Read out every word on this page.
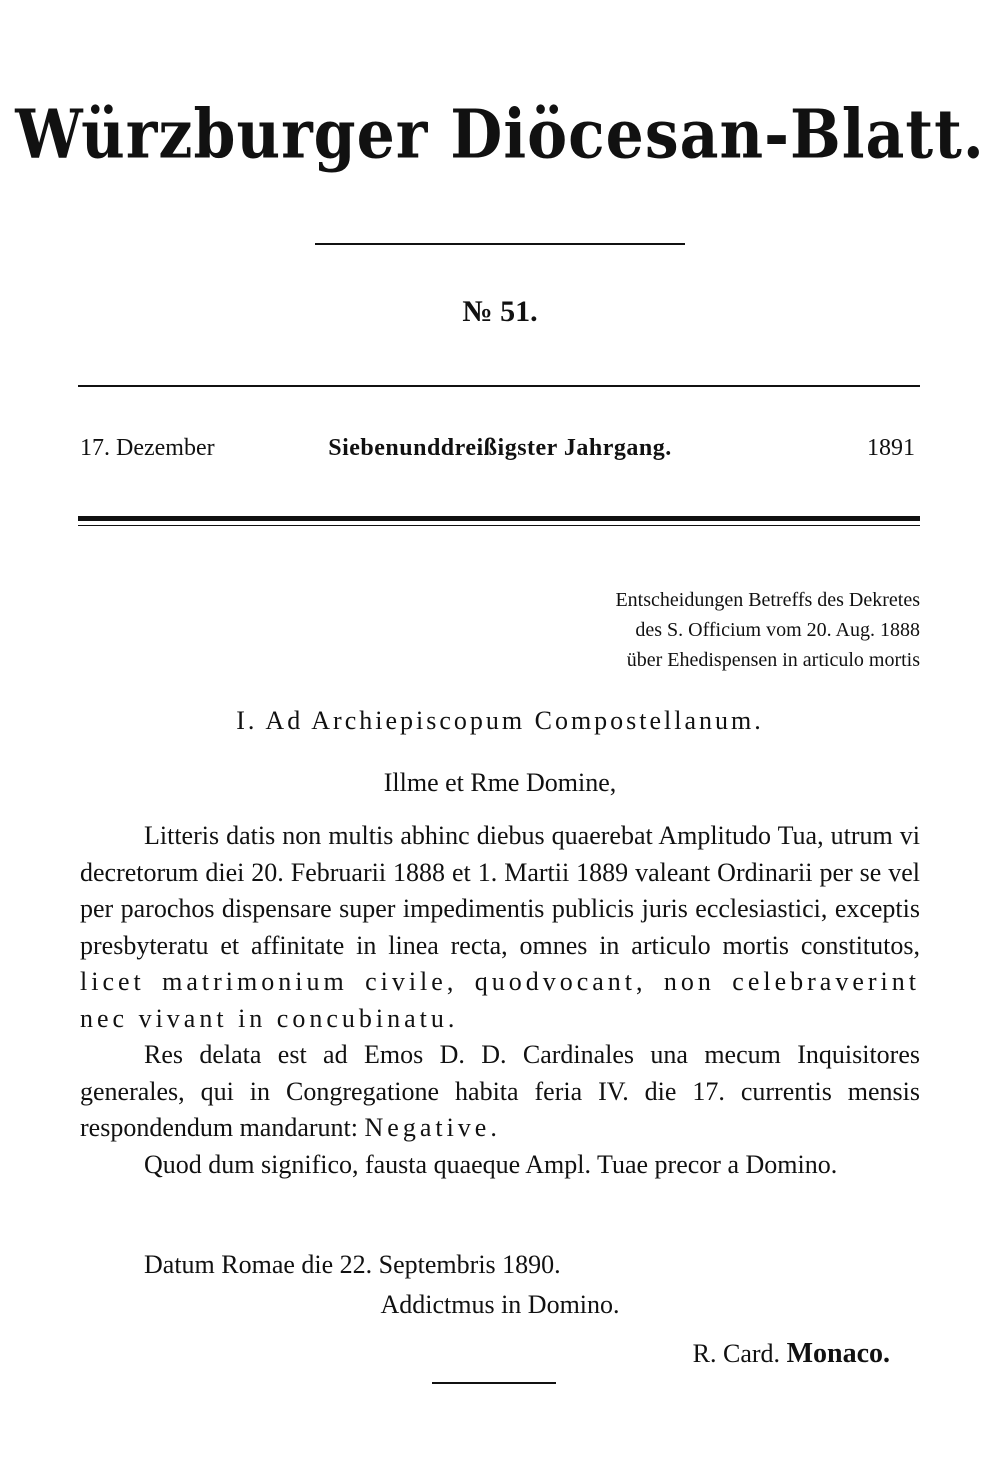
Würzburger Diöcesan-Blatt.
№ 51.
17. Dezember	Siebenunddreißigster Jahrgang.	1891
Entscheidungen Betreffs des Dekretes
des S. Officium vom 20. Aug. 1888
über Ehedispensen in articulo mortis
I. Ad Archiepiscopum Compostellanum.
Illme et Rme Domine,

Litteris datis non multis abhinc diebus quaerebat Amplitudo Tua, utrum vi decretorum diei 20. Februarii 1888 et 1. Martii 1889 valeant Ordinarii per se vel per parochos dispensare super impedimentis publicis juris ecclesiastici, exceptis presbyteratu et affinitate in linea recta, omnes in articulo mortis constitutos, licet matrimonium civile, quodvocant, non celebraverint nec vivant in concubinatu.

Res delata est ad Emos D. D. Cardinales una mecum Inquisitores generales, qui in Congregatione habita feria IV. die 17. currentis mensis respondendum mandarunt: Negative.

Quod dum significo, fausta quaeque Ampl. Tuae precor a Domino.

Datum Romae die 22. Septembris 1890.
Addictmus in Domino.
R. Card. Monaco.
